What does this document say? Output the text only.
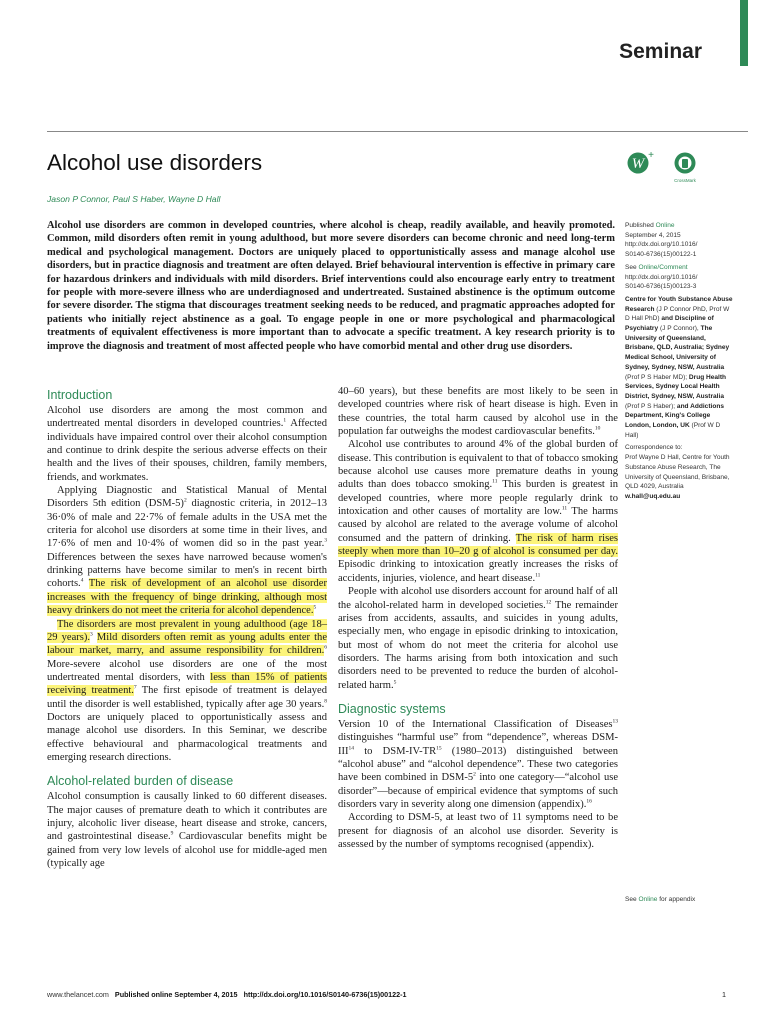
Seminar

Alcohol use disorders

Jason P Connor, Paul S Haber, Wayne D Hall

W
+
CrossMark

Alcohol use disorders are common in developed countries, where alcohol is cheap, readily available, and heavily promoted. Common, mild disorders often remit in young adulthood, but more severe disorders can become chronic and need long-term medical and psychological management. Doctors are uniquely placed to opportunistically assess and manage alcohol use disorders, but in practice diagnosis and treatment are often delayed. Brief behavioural intervention is effective in primary care for hazardous drinkers and individuals with mild disorders. Brief interventions could also encourage early entry to treatment for people with more-severe illness who are underdiagnosed and undertreated. Sustained abstinence is the optimum outcome for severe disorder. The stigma that discourages treatment seeking needs to be reduced, and pragmatic approaches adopted for patients who initially reject abstinence as a goal. To engage people in one or more psychological and pharmacological treatments of equivalent effectiveness is more important than to advocate a specific treatment. A key research priority is to improve the diagnosis and treatment of most affected people who have comorbid mental and other drug use disorders.

Introduction

Alcohol use disorders are among the most common and undertreated mental disorders in developed countries.$^1$ Affected individuals have impaired control over their alcohol consumption and continue to drink despite the serious adverse effects on their health and the lives of their spouses, children, family members, friends, and workmates.

Applying Diagnostic and Statistical Manual of Mental Disorders 5th edition $(DSM-5)^2$ diagnostic criteria, in 2012–13 36·0% of male and 22·7% of female adults in the USA met the criteria for alcohol use disorders at some time in their lives, and 17·6% of men and 10·4% of women did so in the past year.$^3$ Differences between the sexes have narrowed because women's drinking patterns have become similar to men's in recent birth cohorts.$^4$ The risk of development of an alcohol use disorder increases with the frequency of binge drinking, although most heavy drinkers do not meet the criteria for alcohol dependence.$^5$

The disorders are most prevalent in young adulthood (age 18–29 years).$^3$ Mild disorders often remit as young adults enter the labour market, marry, and assume responsibility for children.$^6$ More-severe alcohol use disorders are one of the most undertreated mental disorders, with less than 15% of patients receiving treatment.$^7$ The first episode of treatment is delayed until the disorder is well established, typically after age 30 years.$^8$ Doctors are uniquely placed to opportunistically assess and manage alcohol use disorders. In this Seminar, we describe effective behavioural and pharmacological treatments and emerging research directions.

Alcohol-related burden of disease

Alcohol consumption is causally linked to 60 different diseases. The major causes of premature death to which it contributes are injury, alcoholic liver disease, heart disease and stroke, cancers, and gastrointestinal disease.$^9$ Cardiovascular benefits might be gained from very low levels of alcohol use for middle-aged men (typically age

40–60 years), but these benefits are most likely to be seen in developed countries where risk of heart disease is high. Even in these countries, the total harm caused by alcohol use in the population far outweighs the modest cardiovascular benefits.$^{10}$

Alcohol use contributes to around 4% of the global burden of disease. This contribution is equivalent to that of tobacco smoking because alcohol use causes more premature deaths in young adults than does tobacco smoking.$^{11}$ This burden is greatest in developed countries, where more people regularly drink to intoxication and other causes of mortality are low.$^{11}$ The harms caused by alcohol are related to the average volume of alcohol consumed and the pattern of drinking. The risk of harm rises steeply when more than 10–20 g of alcohol is consumed per day. Episodic drinking to intoxication greatly increases the risks of accidents, injuries, violence, and heart disease.$^{11}$

People with alcohol use disorders account for around half of all the alcohol-related harm in developed societies.$^{12}$ The remainder arises from accidents, assaults, and suicides in young adults, especially men, who engage in episodic drinking to intoxication, but most of whom do not meet the criteria for alcohol use disorders. The harms arising from both intoxication and such disorders need to be prevented to reduce the burden of alcohol-related harm.$^5$

Diagnostic systems

Version 10 of the International Classification of Diseases$^{13}$ distinguishes “harmful use” from “dependence”, whereas DSM-III$^{14}$ to DSM-IV-TR$^{15}$ (1980–2013) distinguished between “alcohol abuse” and “alcohol dependence”. These two categories have been combined in DSM-$5^2$ into one category—“alcohol use disorder”—because of empirical evidence that symptoms of such disorders vary in severity along one dimension (appendix).$^{16}$

According to DSM-5, at least two of 11 symptoms need to be present for diagnosis of an alcohol use disorder. Severity is assessed by the number of symptoms recognised (appendix).

Published Online
September 4, 2015
http://dx.doi.org/10.1016/
S0140-6736(15)00122-1

See Online/Comment
http://dx.doi.org/10.1016/
S0140-6736(15)00123-3

Centre for Youth Substance Abuse Research (J P Connor PhD, Prof W D Hall PhD) and Discipline of Psychiatry (J P Connor), The University of Queensland, Brisbane, QLD, Australia; Sydney Medical School, University of Sydney, Sydney, NSW, Australia (Prof P S Haber MD); Drug Health Services, Sydney Local Health District, Sydney, NSW, Australia (Prof P S Haber); and Addictions Department, King's College London, London, UK (Prof W D Hall)

Correspondence to:
Prof Wayne D Hall, Centre for Youth Substance Abuse Research, The University of Queensland, Brisbane, QLD 4029, Australia
w.hall@uq.edu.au

See Online for appendix

www.thelancet.com Published online September 4, 2015 http://dx.doi.org/10.1016/S0140-6736(15)00122-1	1
